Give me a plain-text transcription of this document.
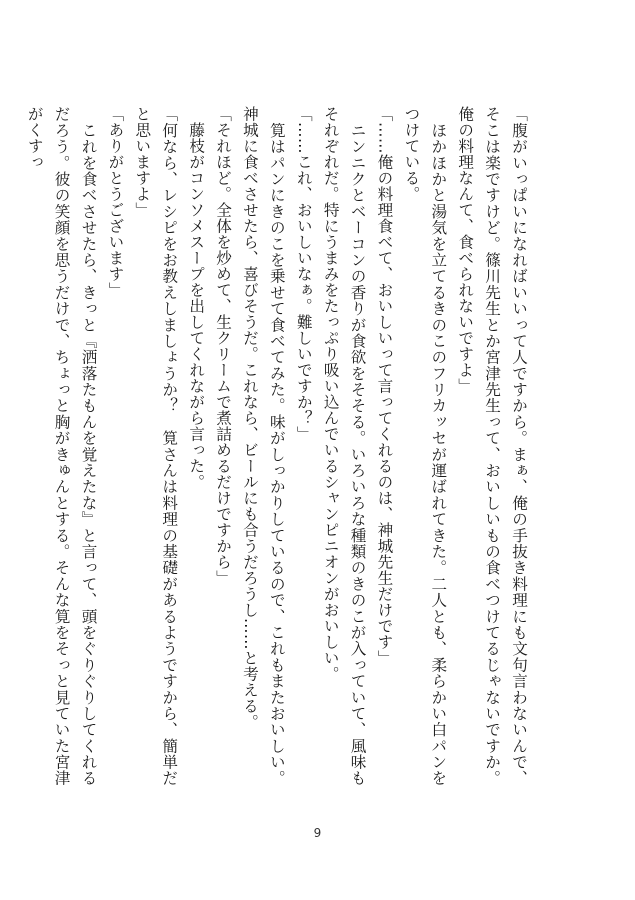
「腹がいっぱいになればいいって人ですから。まぁ、俺の手抜き料理にも文句言わないんで、そこは楽ですけど。篠川先生とか宮津先生って、おいしいもの食べつけてるじゃないですか。俺の料理なんて、食べられないですよ」

　ほかほかと湯気を立てるきのこのフリカッセが運ばれてきた。二人とも、柔らかい白パンをつけている。

「……俺の料理食べて、おいしいって言ってくれるのは、神城先生だけです」

　ニンニクとベーコンの香りが食欲をそそる。いろいろな種類のきのこが入っていて、風味もそれぞれだ。特にうまみをたっぷり吸い込んでいるシャンピニオンがおいしい。

「……これ、おいしいなぁ。難しいですか？」

　筧はパンにきのこを乗せて食べてみた。味がしっかりしているので、これもまたおいしい。神城に食べさせたら、喜びそうだ。これなら、ビールにも合うだろうし……と考える。

「それほど。全体を炒めて、生クリームで煮詰めるだけですから」

　藤枝がコンソメスープを出してくれながら言った。

「何なら、レシピをお教えしましょうか？　筧さんは料理の基礎があるようですから、簡単だと思いますよ」

「ありがとうございます」

　これを食べさせたら、きっと『洒落たもんを覚えたな』と言って、頭をぐりぐりしてくれるだろう。彼の笑顔を思うだけで、ちょっと胸がきゅんとする。そんな筧をそっと見ていた宮津がくすっ

9
